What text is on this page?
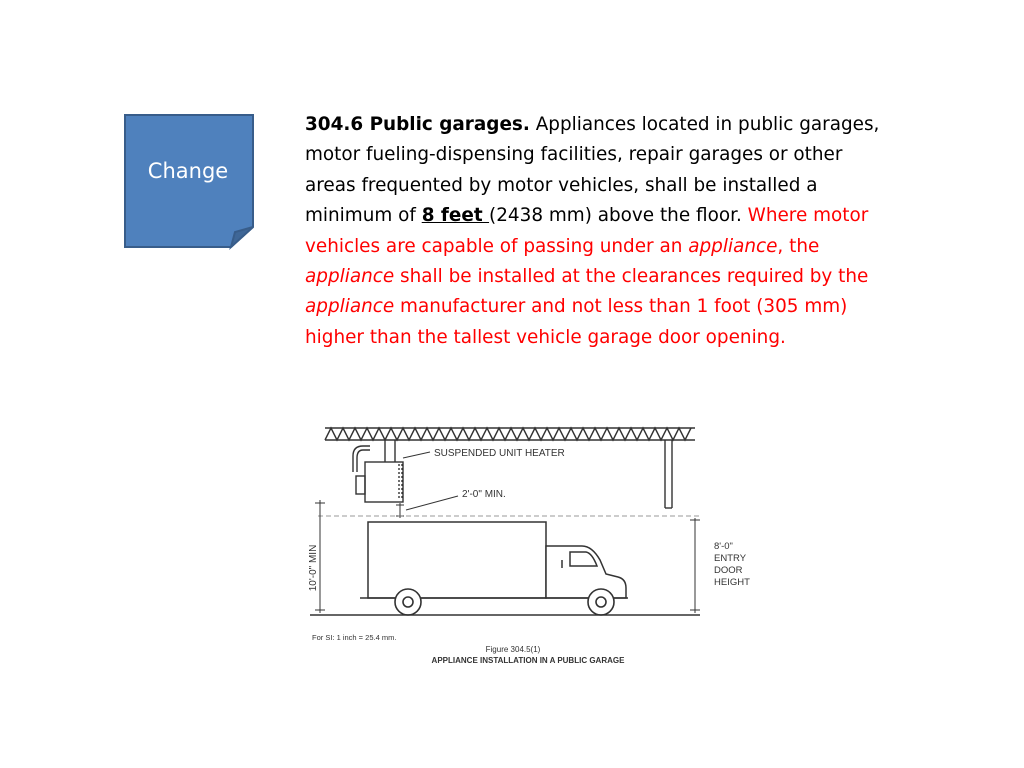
Change

304.6 Public garages. Appliances located in public garages, motor fueling-dispensing facilities, repair garages or other areas frequented by motor vehicles, shall be installed a minimum of 8 feet (2438 mm) above the floor. Where motor vehicles are capable of passing under an appliance, the appliance shall be installed at the clearances required by the appliance manufacturer and not less than 1 foot (305 mm) higher than the tallest vehicle garage door opening.

SUSPENDED UNIT HEATER
2'-0" MIN.
10'-0" MIN	8'-0" ENTRY DOOR HEIGHT
For SI: 1 inch = 25.4 mm.
Figure 304.5(1)
APPLIANCE INSTALLATION IN A PUBLIC GARAGE
